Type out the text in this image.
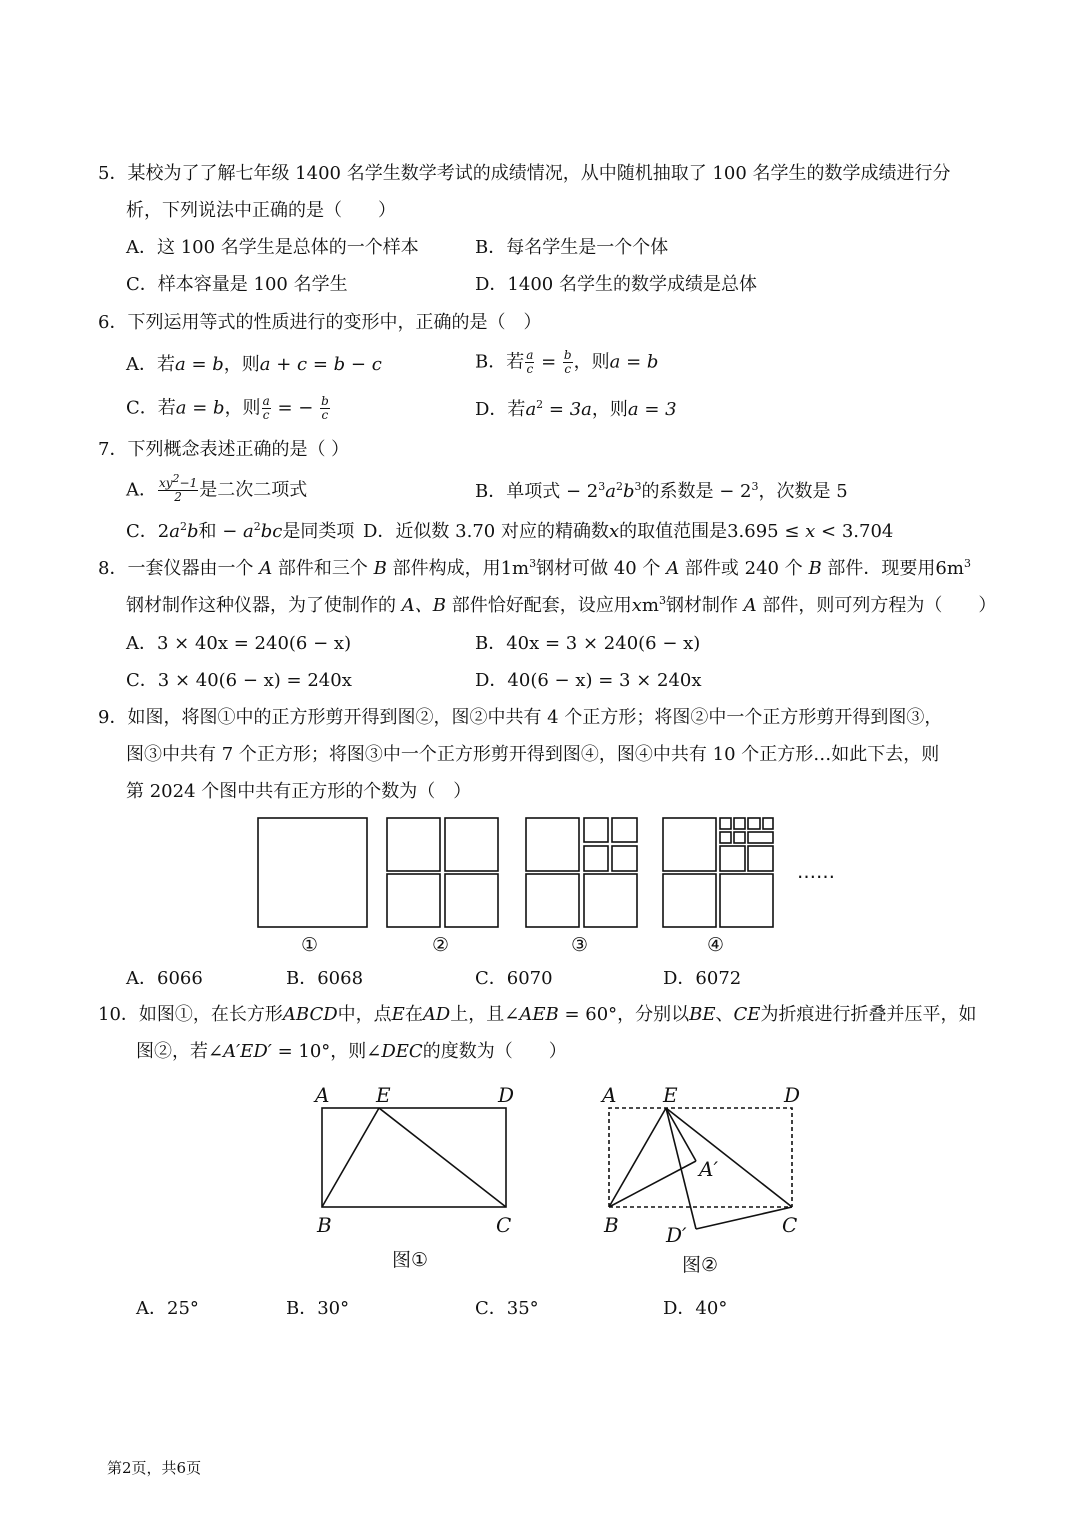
5．某校为了了解七年级 1400 名学生数学考试的成绩情况，从中随机抽取了 100 名学生的数学成绩进行分
析，下列说法中正确的是（　　）
A．这 100 名学生是总体的一个样本	B．每名学生是一个个体
C．样本容量是 100 名学生	D．1400 名学生的数学成绩是总体
6．下列运用等式的性质进行的变形中，正确的是（　）
A．若a = b，则a + c = b − c	B．若 $\frac{a}{c} = \frac{b}{c}$ ，则a = b
C．若a = b，则 $\frac{a}{c}$ = − $\frac{b}{c}$	D．若$a^2 = 3a$，则a = 3
7．下列概念表述正确的是（ ）
A． $\frac{xy^2-1}{2}$ 是二次二项式	B．单项式 − $2^3a^2b^3$的系数是 − $2^3$，次数是 5
C．$2a^2b$和 − $a^2bc$是同类项 D．近似数 3.70 对应的精确数x的取值范围是3.695 ≤ x < 3.704
8．一套仪器由一个 A 部件和三个 B 部件构成，用$1m^3$钢材可做 40 个 A 部件或 240 个 B 部件．现要用$6m^3$
钢材制作这种仪器，为了使制作的 A、B 部件恰好配套，设应用$xm^3$钢材制作 A 部件，则可列方程为（　　）
A．3 × 40x = 240(6 − x)	B．40x = 3 × 240(6 − x)
C．3 × 40(6 − x) = 240x	D．40(6 − x) = 3 × 240x
9．如图，将图①中的正方形剪开得到图②，图②中共有 4 个正方形；将图②中一个正方形剪开得到图③，
图③中共有 7 个正方形；将图③中一个正方形剪开得到图④，图④中共有 10 个正方形…如此下去，则
第 2024 个图中共有正方形的个数为（　）
①	②	③	④
……
A．6066	B．6068	C．6070	D．6072
10．如图①，在长方形ABCD中，点E在AD上，且∠AEB = 60°，分别以BE、CE为折痕进行折叠并压平，如
图②，若∠A′ED′ = 10°，则∠DEC的度数为（　　）
A E	D
B	C
图①
A E	D
A′
B	C
D′
图②
A．25°	B．30°	C．35°	D．40°
第2页，共6页
